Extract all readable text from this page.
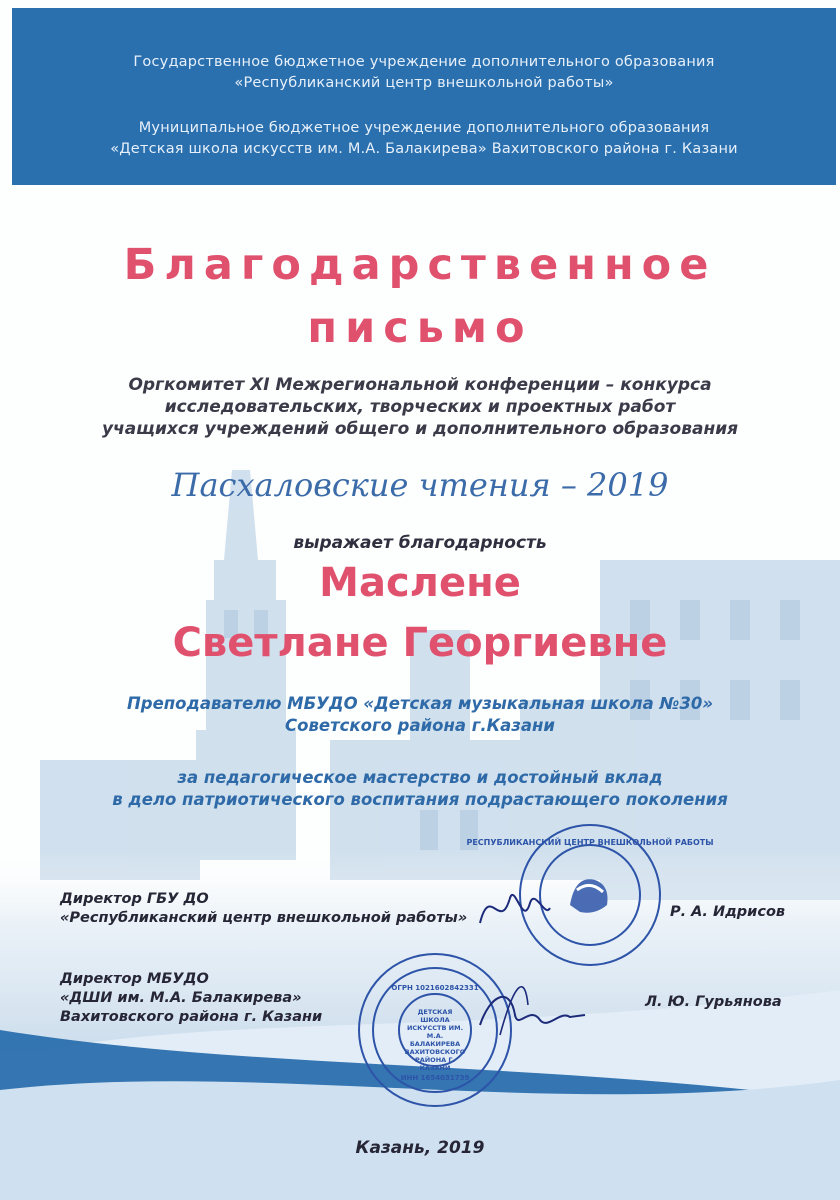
Государственное бюджетное учреждение дополнительного образования
«Республиканский центр внешкольной работы»
Муниципальное бюджетное учреждение дополнительного образования
«Детская школа искусств им. М.А. Балакирева» Вахитовского района г. Казани
Благодарственное
письмо
Оргкомитет XI Межрегиональной конференции – конкурса
исследовательских, творческих и проектных работ
учащихся учреждений общего и дополнительного образования
Пасхаловские чтения – 2019
выражает благодарность
Маслене
Светлане Георгиевне
Преподавателю МБУДО «Детская музыкальная школа №30»
Советского района г.Казани
за педагогическое мастерство и достойный вклад
в дело патриотического воспитания подрастающего поколения
Директор ГБУ ДО
«Республиканский центр внешкольной работы»	Р. А. Идрисов
Директор МБУДО
«ДШИ им. М.А. Балакирева»
Вахитовского района г. Казани
Л. Ю. Гурьянова
РЕСПУБЛИКАНСКИЙ ЦЕНТР ВНЕШКОЛЬНОЙ РАБОТЫ
ОГРН 1021602842331
ДЕТСКАЯ ШКОЛА ИСКУССТВ ИМ. М.А. БАЛАКИРЕВА ВАХИТОВСКОГО РАЙОНА Г. КАЗАНИ
ИНН 1654031739
Казань, 2019
